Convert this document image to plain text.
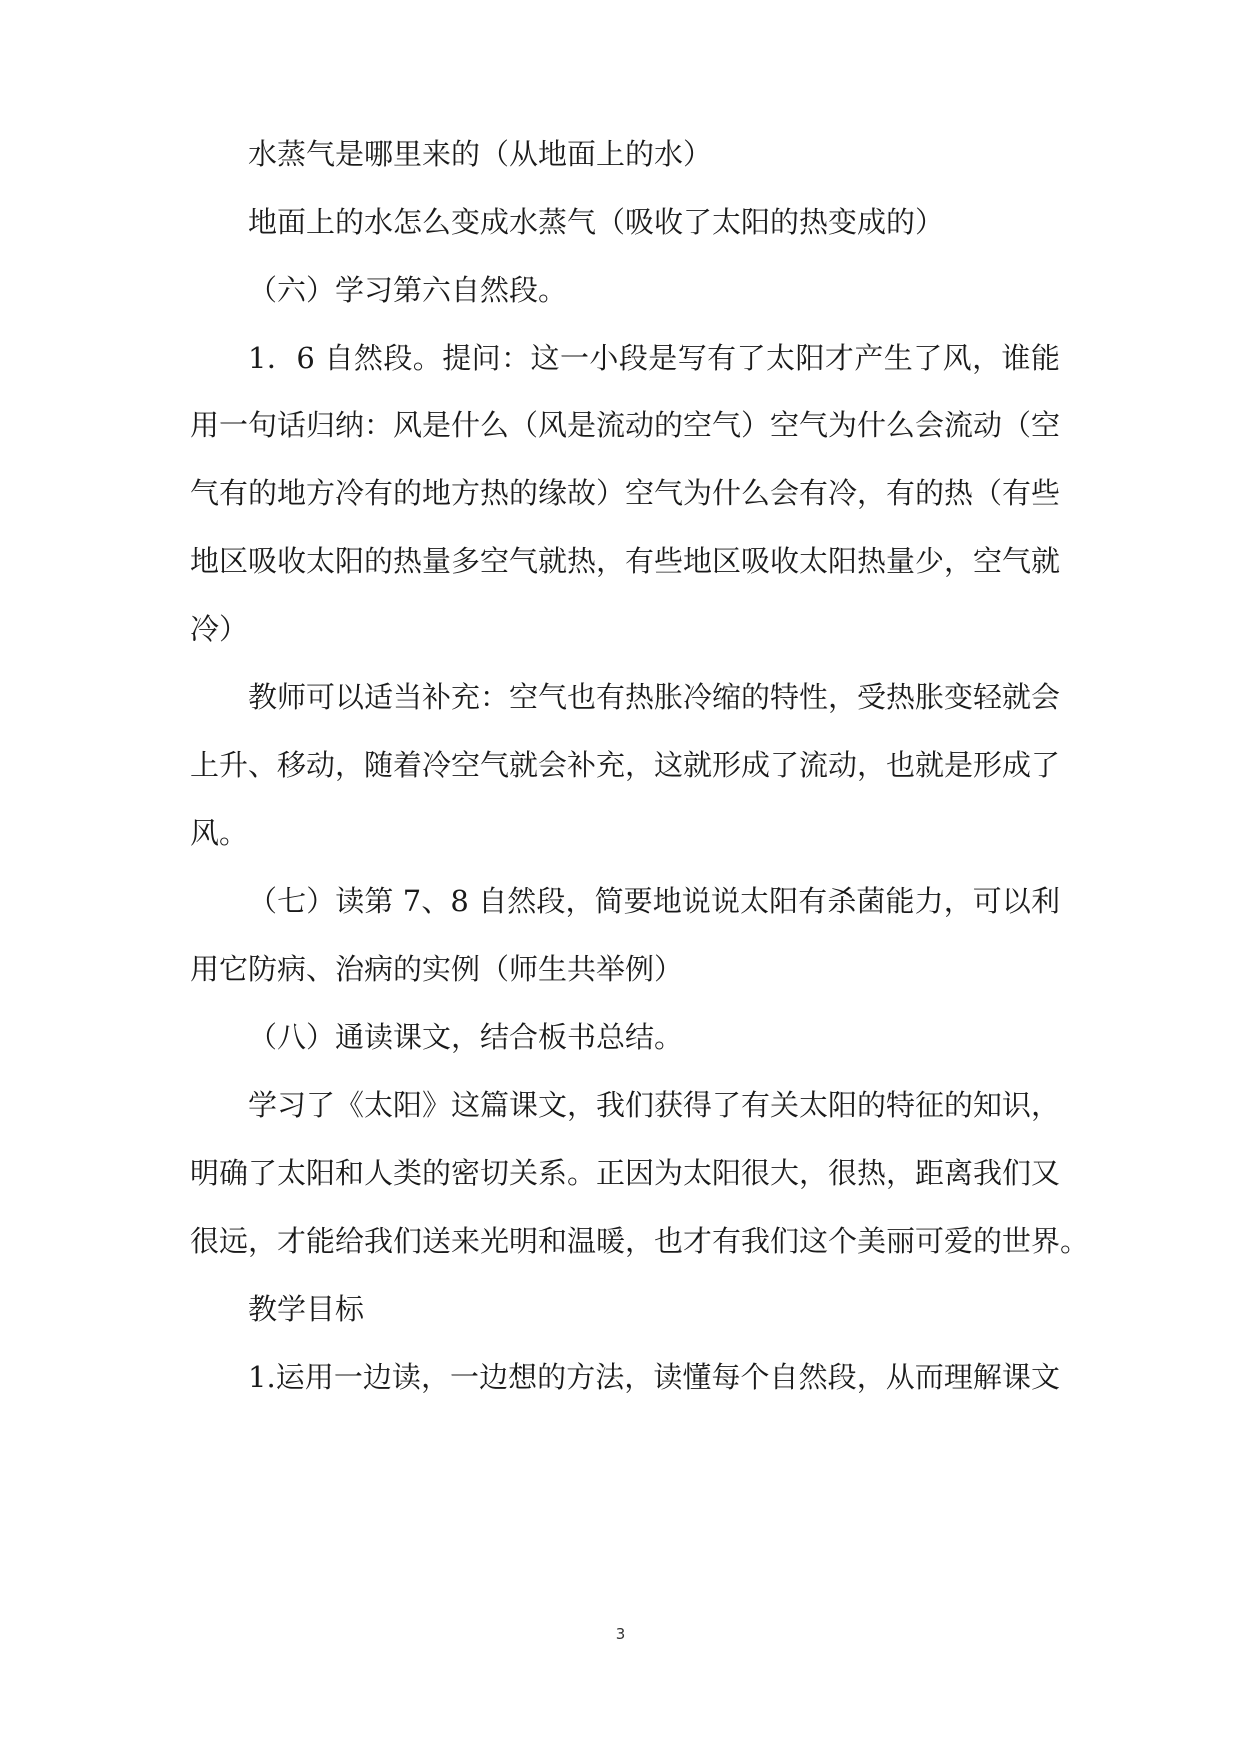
水蒸气是哪里来的（从地面上的水）
地面上的水怎么变成水蒸气（吸收了太阳的热变成的）
（六）学习第六自然段。
1．6 自然段。提问：这一小段是写有了太阳才产生了风，谁能
用一句话归纳：风是什么（风是流动的空气）空气为什么会流动（空
气有的地方冷有的地方热的缘故）空气为什么会有冷，有的热（有些
地区吸收太阳的热量多空气就热，有些地区吸收太阳热量少，空气就
冷）
教师可以适当补充：空气也有热胀冷缩的特性，受热胀变轻就会
上升、移动，随着冷空气就会补充，这就形成了流动，也就是形成了
风。
（七）读第 7、8 自然段，简要地说说太阳有杀菌能力，可以利
用它防病、治病的实例（师生共举例）
（八）通读课文，结合板书总结。
学习了《太阳》这篇课文，我们获得了有关太阳的特征的知识，
明确了太阳和人类的密切关系。正因为太阳很大，很热，距离我们又
很远，才能给我们送来光明和温暖，也才有我们这个美丽可爱的世界。
教学目标
1.运用一边读，一边想的方法，读懂每个自然段，从而理解课文
3
